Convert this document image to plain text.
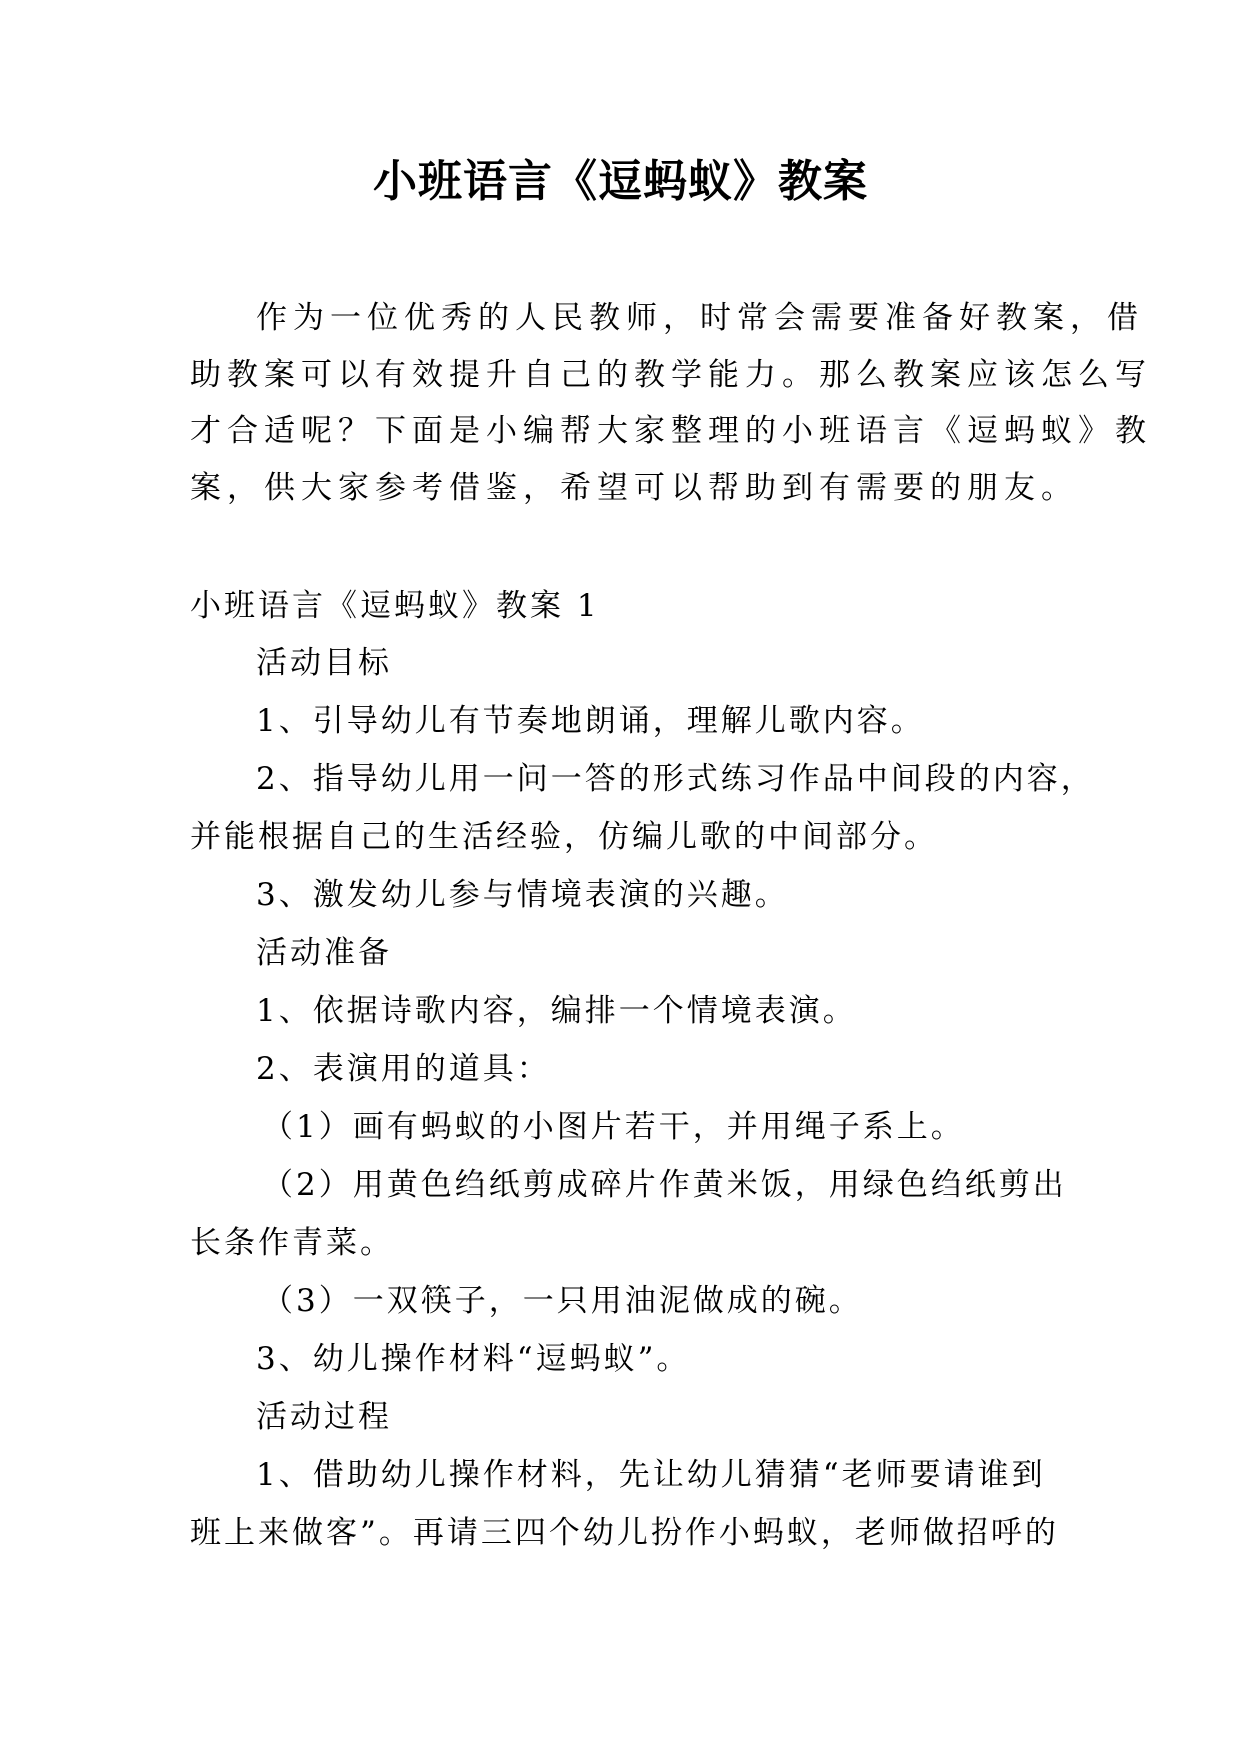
小班语言《逗蚂蚁》教案
作为一位优秀的人民教师，时常会需要准备好教案，借
助教案可以有效提升自己的教学能力。那么教案应该怎么写
才合适呢？下面是小编帮大家整理的小班语言《逗蚂蚁》教
案，供大家参考借鉴，希望可以帮助到有需要的朋友。
小班语言《逗蚂蚁》教案 1
活动目标
1、引导幼儿有节奏地朗诵，理解儿歌内容。
2、指导幼儿用一问一答的形式练习作品中间段的内容，
并能根据自己的生活经验，仿编儿歌的中间部分。
3、激发幼儿参与情境表演的兴趣。
活动准备
1、依据诗歌内容，编排一个情境表演。
2、表演用的道具：
（1）画有蚂蚁的小图片若干，并用绳子系上。
（2）用黄色绉纸剪成碎片作黄米饭，用绿色绉纸剪出
长条作青菜。
（3）一双筷子，一只用油泥做成的碗。
3、幼儿操作材料“逗蚂蚁”。
活动过程
1、借助幼儿操作材料，先让幼儿猜猜“老师要请谁到
班上来做客”。再请三四个幼儿扮作小蚂蚁，老师做招呼的
